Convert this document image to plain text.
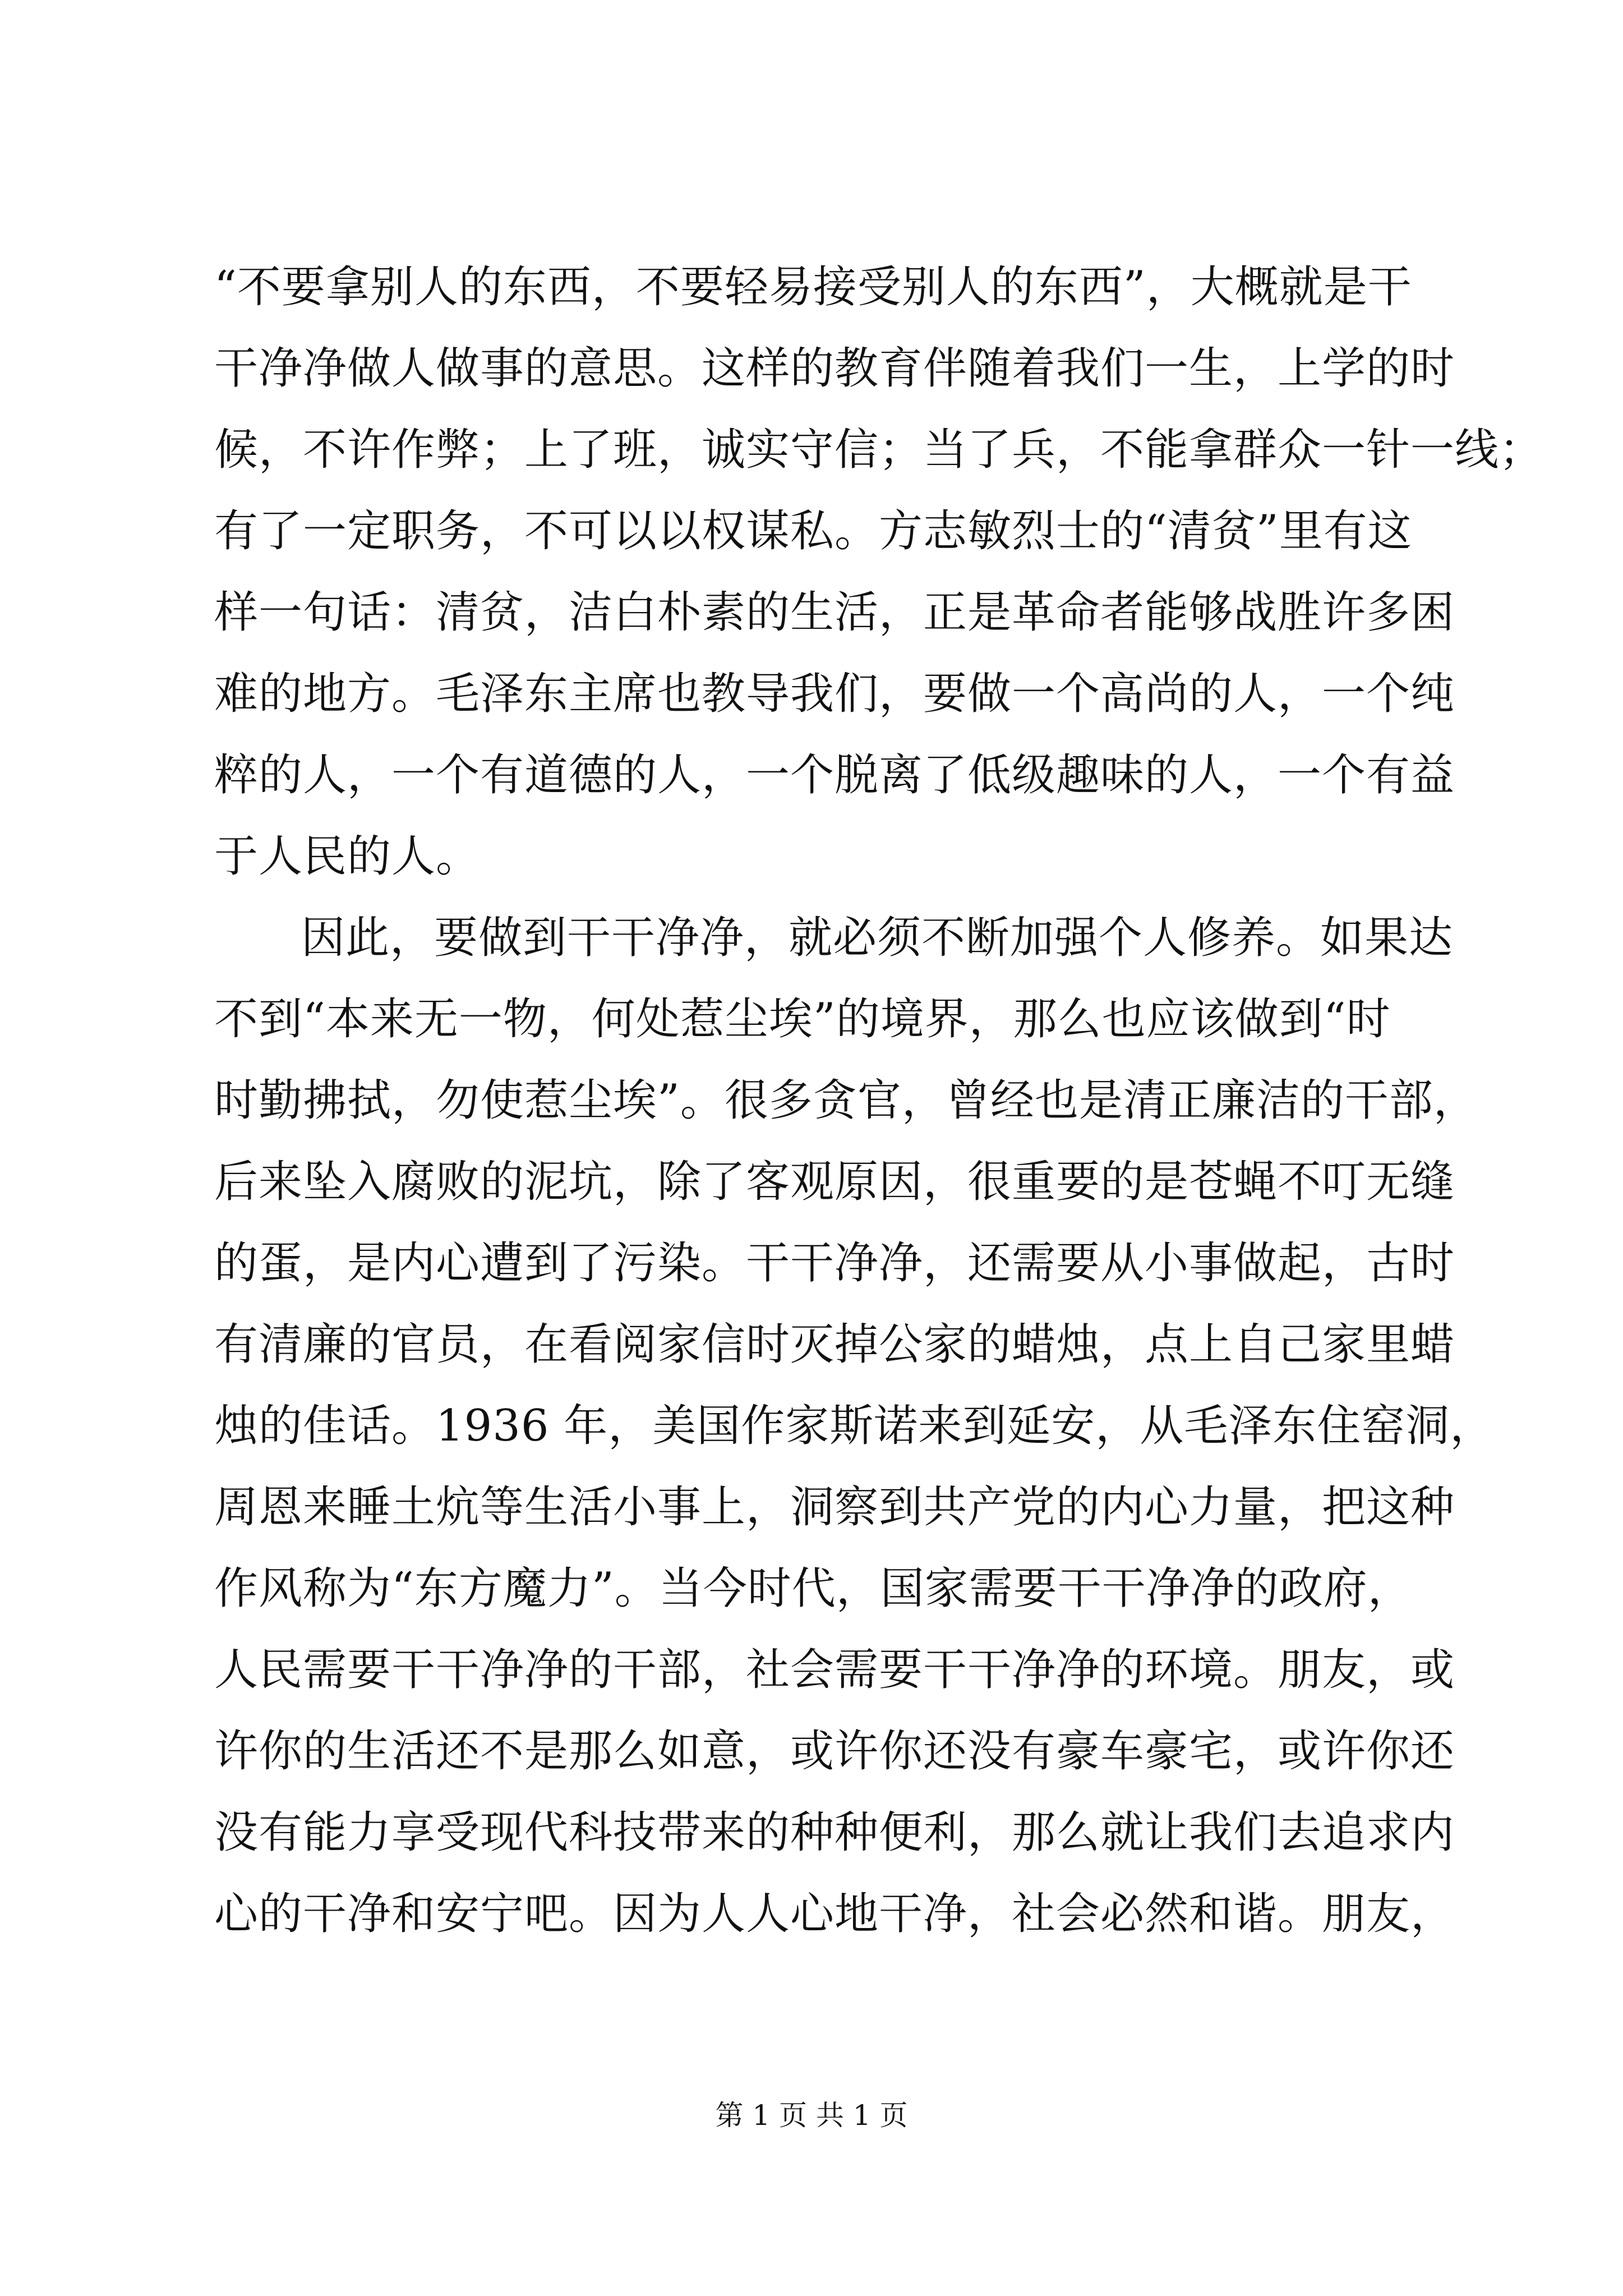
“不要拿别人的东西，不要轻易接受别人的东西”，大概就是干
干净净做人做事的意思。这样的教育伴随着我们一生，上学的时
候，不许作弊；上了班，诚实守信；当了兵，不能拿群众一针一线；
有了一定职务，不可以以权谋私。方志敏烈士的“清贫”里有这
样一句话：清贫，洁白朴素的生活，正是革命者能够战胜许多困
难的地方。毛泽东主席也教导我们，要做一个高尚的人，一个纯
粹的人，一个有道德的人，一个脱离了低级趣味的人，一个有益
于人民的人。
因此，要做到干干净净，就必须不断加强个人修养。如果达
不到“本来无一物，何处惹尘埃”的境界，那么也应该做到“时
时勤拂拭，勿使惹尘埃”。很多贪官，曾经也是清正廉洁的干部，
后来坠入腐败的泥坑，除了客观原因，很重要的是苍蝇不叮无缝
的蛋，是内心遭到了污染。干干净净，还需要从小事做起，古时
有清廉的官员，在看阅家信时灭掉公家的蜡烛，点上自己家里蜡
烛的佳话。1936 年，美国作家斯诺来到延安，从毛泽东住窑洞，
周恩来睡土炕等生活小事上，洞察到共产党的内心力量，把这种
作风称为“东方魔力”。当今时代，国家需要干干净净的政府，
人民需要干干净净的干部，社会需要干干净净的环境。朋友，或
许你的生活还不是那么如意，或许你还没有豪车豪宅，或许你还
没有能力享受现代科技带来的种种便利，那么就让我们去追求内
心的干净和安宁吧。因为人人心地干净，社会必然和谐。朋友，
第 1 页 共 1 页
